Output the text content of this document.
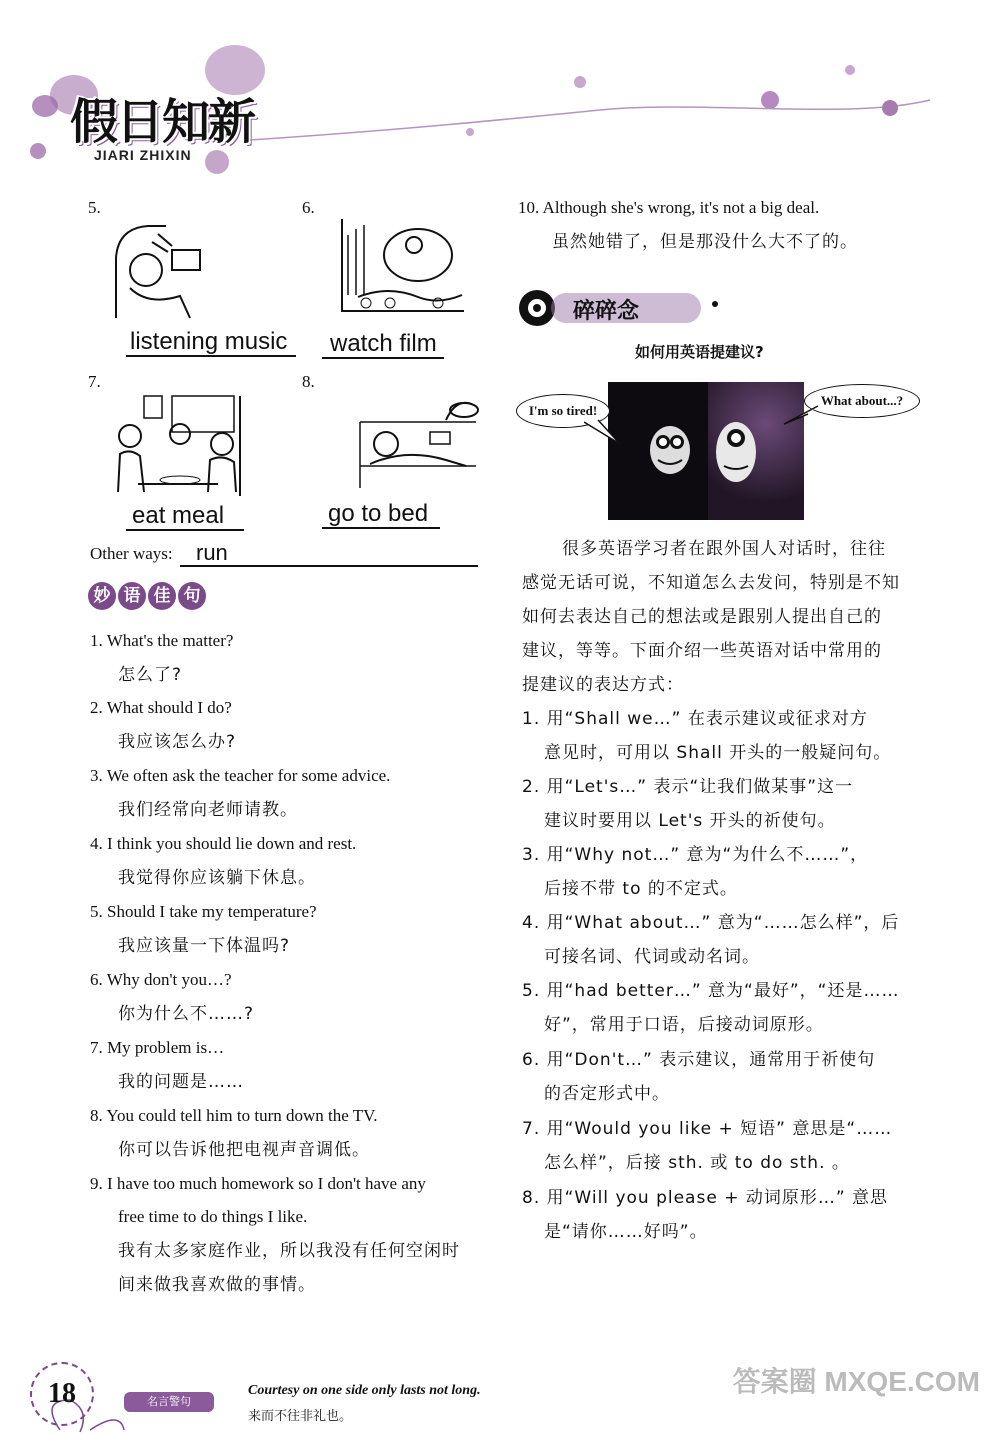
假日知新
JIARI ZHIXIN
5.
listening music
6.
watch film
7.
eat meal
8.
go to bed
Other ways: run
妙 语 佳 句
1. What's the matter?
怎么了?
2. What should I do?
我应该怎么办?
3. We often ask the teacher for some advice.
我们经常向老师请教。
4. I think you should lie down and rest.
我觉得你应该躺下休息。
5. Should I take my temperature?
我应该量一下体温吗?
6. Why don't you…?
你为什么不……?
7. My problem is…
我的问题是……
8. You could tell him to turn down the TV.
你可以告诉他把电视声音调低。
9. I have too much homework so I don't have any
free time to do things I like.
我有太多家庭作业，所以我没有任何空闲时
间来做我喜欢做的事情。
10. Although she's wrong, it's not a big deal.
虽然她错了，但是那没什么大不了的。
碎碎念
如何用英语提建议?
I'm so tired!
What about...?
很多英语学习者在跟外国人对话时，往往
感觉无话可说，不知道怎么去发问，特别是不知
如何去表达自己的想法或是跟别人提出自己的
建议，等等。下面介绍一些英语对话中常用的
提建议的表达方式：
1. 用“Shall we…” 在表示建议或征求对方
意见时，可用以 Shall 开头的一般疑问句。
2. 用“Let's…” 表示“让我们做某事”这一
建议时要用以 Let's 开头的祈使句。
3. 用“Why not…” 意为“为什么不……”，
后接不带 to 的不定式。
4. 用“What about…” 意为“……怎么样”，后
可接名词、代词或动名词。
5. 用“had better…” 意为“最好”，“还是……
好”，常用于口语，后接动词原形。
6. 用“Don't…” 表示建议，通常用于祈使句
的否定形式中。
7. 用“Would you like + 短语” 意思是“……
怎么样”，后接 sth. 或 to do sth. 。
8. 用“Will you please + 动词原形…” 意思
是“请你……好吗”。
18	名言警句
Courtesy on one side only lasts not long.
来而不往非礼也。
答案圈 MXQE.COM
